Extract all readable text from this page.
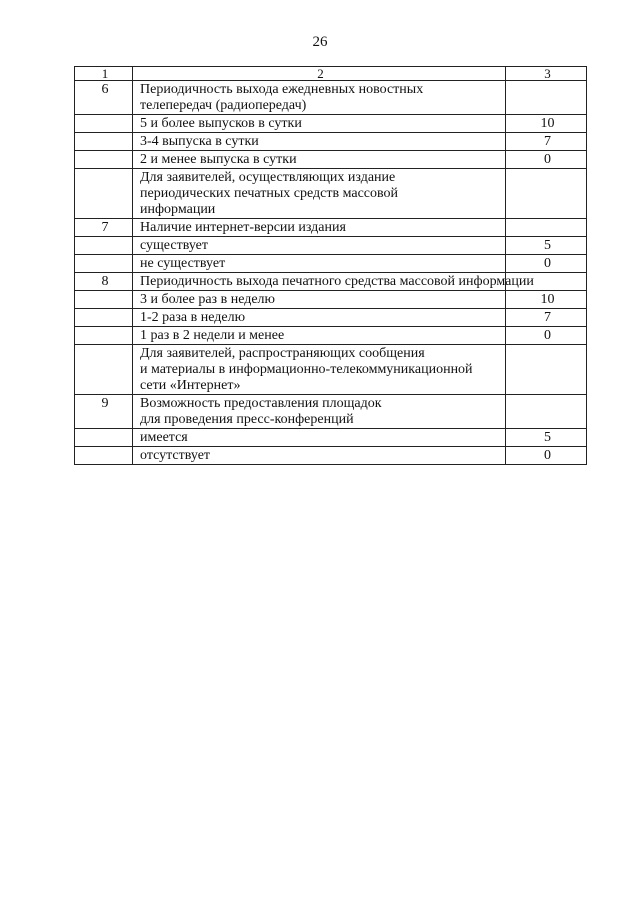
26
1	2	3
6	Периодичность выхода ежедневных новостных
телепередач (радиопередач)	
	5 и более выпусков в сутки	10
	3-4 выпуска в сутки	7
	2 и менее выпуска в сутки	0
	Для заявителей, осуществляющих издание
периодических печатных средств массовой
информации	
7	Наличие интернет-версии издания	
	существует	5
	не существует	0
8	Периодичность выхода печатного средства массовой информации	
	3 и более раз в неделю	10
	1-2 раза в неделю	7
	1 раз в 2 недели и менее	0
	Для заявителей, распространяющих сообщения
и материалы в информационно-телекоммуникационной
сети «Интернет»	
9	Возможность предоставления площадок
для проведения пресс-конференций	
	имеется	5
	отсутствует	0
